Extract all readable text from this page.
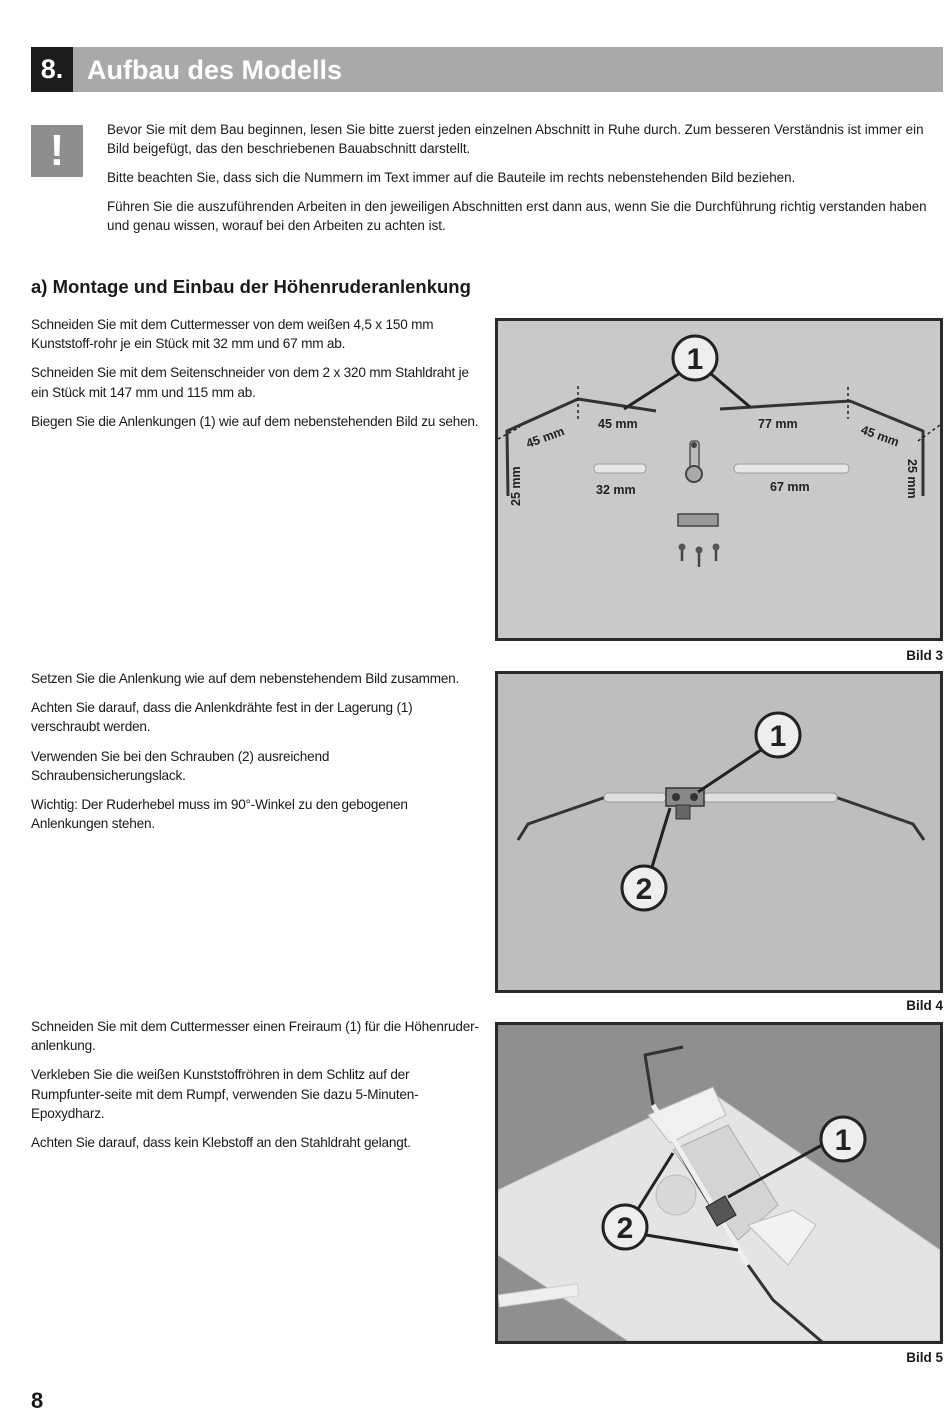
8. Aufbau des Modells
!	Bevor Sie mit dem Bau beginnen, lesen Sie bitte zuerst jeden einzelnen Abschnitt in Ruhe durch. Zum besseren Verständnis ist immer ein Bild beigefügt, das den beschriebenen Bauabschnitt darstellt.

Bitte beachten Sie, dass sich die Nummern im Text immer auf die Bauteile im rechts nebenstehenden Bild beziehen.

Führen Sie die auszuführenden Arbeiten in den jeweiligen Abschnitten erst dann aus, wenn Sie die Durchführung richtig verstanden haben und genau wissen, worauf bei den Arbeiten zu achten ist.

a) Montage und Einbau der Höhenruderanlenkung

Schneiden Sie mit dem Cuttermesser von dem weißen 4,5 x 150 mm Kunststoff-rohr je ein Stück mit 32 mm und 67 mm ab.

Schneiden Sie mit dem Seitenschneider von dem 2 x 320 mm Stahldraht je ein Stück mit 147 mm und 115 mm ab.

Biegen Sie die Anlenkungen (1) wie auf dem nebenstehenden Bild zu sehen.

Setzen Sie die Anlenkung wie auf dem nebenstehendem Bild zusammen.

Achten Sie darauf, dass die Anlenkdrähte fest in der Lagerung (1) verschraubt werden.

Verwenden Sie bei den Schrauben (2) ausreichend Schraubensicherungslack.

Wichtig: Der Ruderhebel muss im 90°-Winkel zu den gebogenen Anlenkungen stehen.

Schneiden Sie mit dem Cuttermesser einen Freiraum (1) für die Höhenruder-anlenkung.

Verkleben Sie die weißen Kunststoffröhren in dem Schlitz auf der Rumpfunter-seite mit dem Rumpf, verwenden Sie dazu 5-Minuten-Epoxydharz.

Achten Sie darauf, dass kein Klebstoff an den Stahldraht gelangt.

1
45 mm
45 mm
25 mm	32 mm
77 mm	45 mm
25 mm
67 mm
Bild 3
1
2
Bild 4
1
2
Bild 5
8
